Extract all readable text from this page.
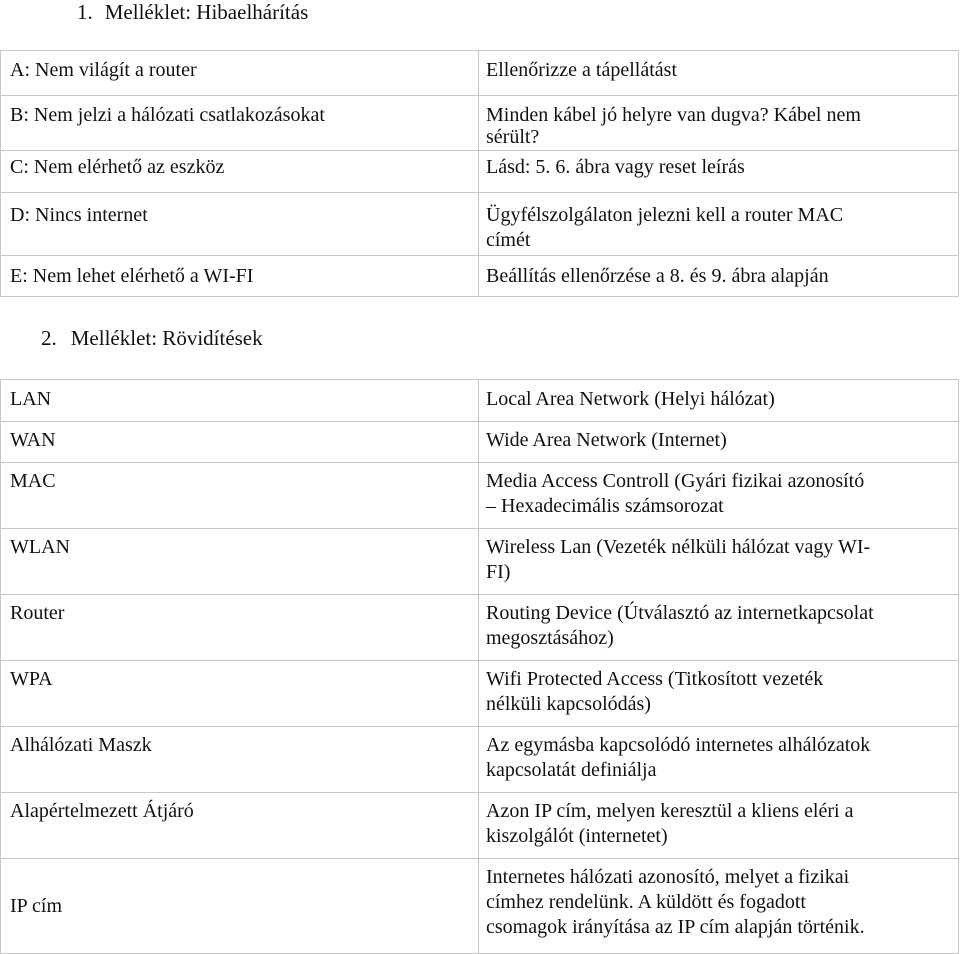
1. Melléklet: Hibaelhárítás
A: Nem világít a router	Ellenőrizze a tápellátást

B: Nem jelzi a hálózati csatlakozásokat	Minden kábel jó helyre van dugva? Kábel nem
sérült?

C: Nem elérhető az eszköz	Lásd: 5. 6. ábra vagy reset leírás

D: Nincs internet	Ügyfélszolgálaton jelezni kell a router MAC
címét

E: Nem lehet elérhető a WI-FI	Beállítás ellenőrzése a 8. és 9. ábra alapján
2. Melléklet: Rövidítések
LAN	Local Area Network (Helyi hálózat)

WAN	Wide Area Network (Internet)

MAC	Media Access Controll (Gyári fizikai azonosító
– Hexadecimális számsorozat

WLAN	Wireless Lan (Vezeték nélküli hálózat vagy WI-
FI)

Router	Routing Device (Útválasztó az internetkapcsolat
megosztásához)

WPA	Wifi Protected Access (Titkosított vezeték
nélküli kapcsolódás)

Alhálózati Maszk	Az egymásba kapcsolódó internetes alhálózatok
kapcsolatát definiálja

Alapértelmezett Átjáró	Azon IP cím, melyen keresztül a kliens eléri a
kiszolgálót (internetet)

IP cím	Internetes hálózati azonosító, melyet a fizikai
címhez rendelünk. A küldött és fogadott
csomagok irányítása az IP cím alapján történik.
